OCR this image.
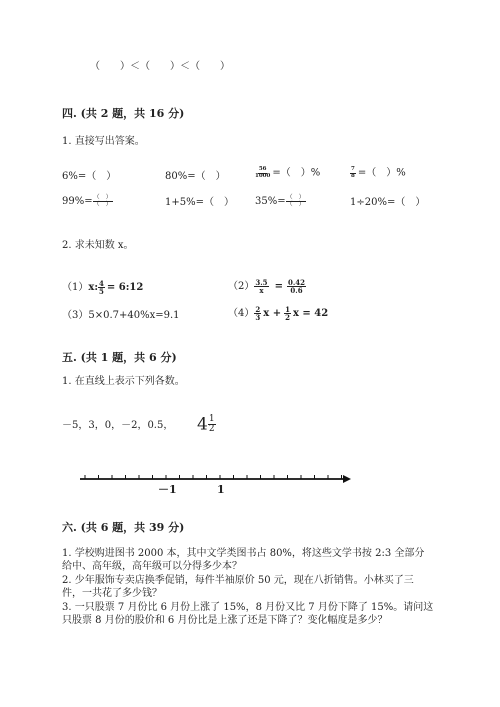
（　　）＜（　　）＜（　　）
四. (共 2 题，共 16 分)
1. 直接写出答案。
6%=（　）	80%=（　）	$\frac{56}{1000}$ =（　）%	$\frac{7}{8}$ =（　）%
$99\%= \frac{( )}{( )}$	1+5%=（　） $35\%= \frac{( )}{( )}$	1÷20%=（　）
2. 求未知数 x。
（1）x: $\frac{4}{5}$ = 6:12	$(2) \frac{3.5}{x} = \frac{0.42}{0.6}$
（3）5×0.7+40%x=9.1	$(4) \frac{2}{3}$ $x + \frac{1}{2}$ x = 42
五. (共 1 题，共 6 分)
1. 在直线上表示下列各数。
－5，3，0，－2，0.5， $4 \frac{1}{2}$
－1	1
六. (共 6 题，共 39 分)
1. 学校购进图书 2000 本，其中文学类图书占 80%，将这些文学书按 2:3 全部分
给中、高年级，高年级可以分得多少本？
2. 少年服饰专卖店换季促销，每件半袖原价 50 元，现在八折销售。小林买了三
件，一共花了多少钱？
3. 一只股票 7 月份比 6 月份上涨了 15%，8 月份又比 7 月份下降了 15%。请问这
只股票 8 月份的股价和 6 月份比是上涨了还是下降了？变化幅度是多少？
